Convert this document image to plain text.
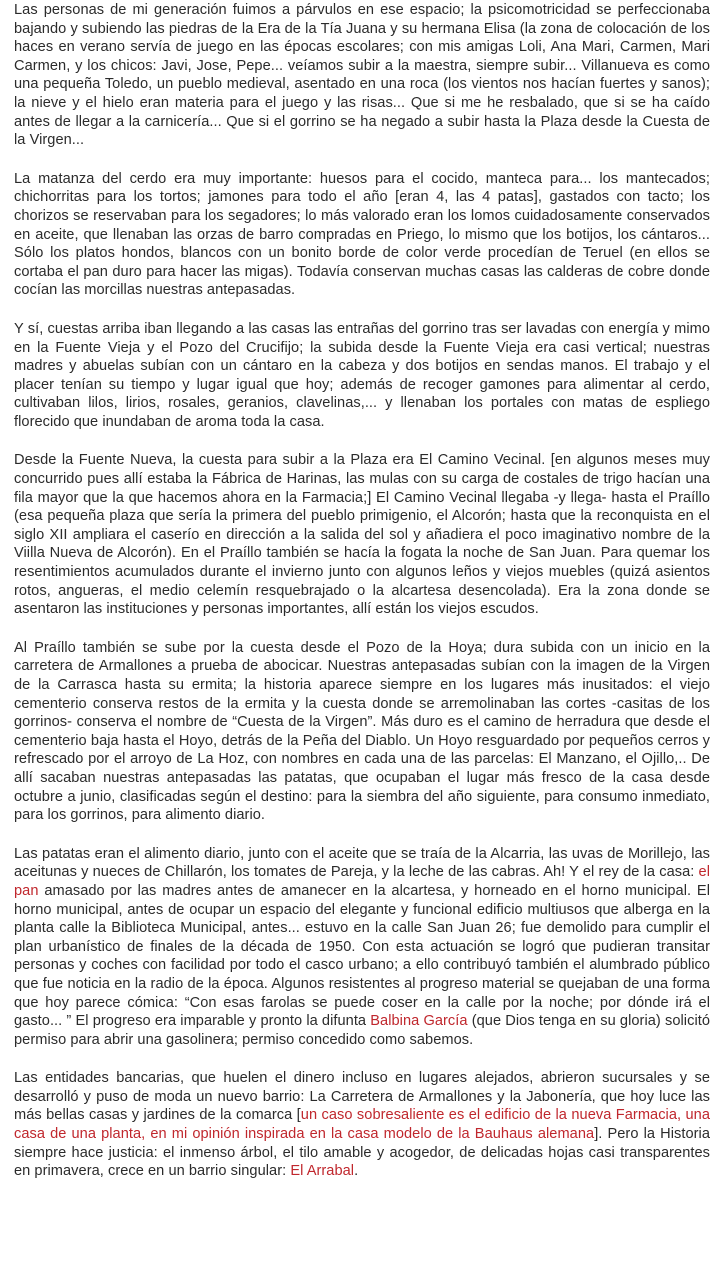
Las personas de mi generación fuimos a párvulos en ese espacio; la psicomotricidad se perfeccionaba bajando y subiendo las piedras de la Era de la Tía Juana y su hermana Elisa (la zona de colocación de los haces en verano servía de juego en las épocas escolares; con mis amigas Loli, Ana Mari, Carmen, Mari Carmen, y los chicos: Javi, Jose, Pepe... veíamos subir a la maestra, siempre subir... Villanueva es como una pequeña Toledo, un pueblo medieval, asentado en una roca (los vientos nos hacían fuertes y sanos); la nieve y el hielo eran materia para el juego y las risas... Que si me he resbalado, que si se ha caído antes de llegar a la carnicería... Que si el gorrino se ha negado a subir hasta la Plaza desde la Cuesta de la Virgen...

La matanza del cerdo era muy importante: huesos para el cocido, manteca para... los mantecados; chichorritas para los tortos; jamones para todo el año [eran 4, las 4 patas], gastados con tacto; los chorizos se reservaban para los segadores; lo más valorado eran los lomos cuidadosamente conservados en aceite, que llenaban las orzas de barro compradas en Priego, lo mismo que los botijos, los cántaros... Sólo los platos hondos, blancos con un bonito borde de color verde procedían de Teruel (en ellos se cortaba el pan duro para hacer las migas). Todavía conservan muchas casas las calderas de cobre donde cocían las morcillas nuestras antepasadas.

Y sí, cuestas arriba iban llegando a las casas las entrañas del gorrino tras ser lavadas con energía y mimo en la Fuente Vieja y el Pozo del Crucifijo; la subida desde la Fuente Vieja era casi vertical; nuestras madres y abuelas subían con un cántaro en la cabeza y dos botijos en sendas manos. El trabajo y el placer tenían su tiempo y lugar igual que hoy; además de recoger gamones para alimentar al cerdo, cultivaban lilos, lirios, rosales, geranios, clavelinas,... y llenaban los portales con matas de espliego florecido que inundaban de aroma toda la casa.

Desde la Fuente Nueva, la cuesta para subir a la Plaza era El Camino Vecinal. [en algunos meses muy concurrido pues allí estaba la Fábrica de Harinas, las mulas con su carga de costales de trigo hacían una fila mayor que la que hacemos ahora en la Farmacia;] El Camino Vecinal llegaba -y llega- hasta el Praíllo (esa pequeña plaza que sería la primera del pueblo primigenio, el Alcorón; hasta que la reconquista en el siglo XII ampliara el caserío en dirección a la salida del sol y añadiera el poco imaginativo nombre de la Viilla Nueva de Alcorón). En el Praíllo también se hacía la fogata la noche de San Juan. Para quemar los resentimientos acumulados durante el invierno junto con algunos leños y viejos muebles (quizá asientos rotos, angueras, el medio celemín resquebrajado o la alcartesa desencolada). Era la zona donde se asentaron las instituciones y personas importantes, allí están los viejos escudos.

Al Praíllo también se sube por la cuesta desde el Pozo de la Hoya; dura subida con un inicio en la carretera de Armallones a prueba de abocicar. Nuestras antepasadas subían con la imagen de la Virgen de la Carrasca hasta su ermita; la historia aparece siempre en los lugares más inusitados: el viejo cementerio conserva restos de la ermita y la cuesta donde se arremolinaban las cortes -casitas de los gorrinos- conserva el nombre de “Cuesta de la Virgen”. Más duro es el camino de herradura que desde el cementerio baja hasta el Hoyo, detrás de la Peña del Diablo. Un Hoyo resguardado por pequeños cerros y refrescado por el arroyo de La Hoz, con nombres en cada una de las parcelas: El Manzano, el Ojillo,.. De allí sacaban nuestras antepasadas las patatas, que ocupaban el lugar más fresco de la casa desde octubre a junio, clasificadas según el destino: para la siembra del año siguiente, para consumo inmediato, para los gorrinos, para alimento diario.

Las patatas eran el alimento diario, junto con el aceite que se traía de la Alcarria, las uvas de Morillejo, las aceitunas y nueces de Chillarón, los tomates de Pareja, y la leche de las cabras. Ah! Y el rey de la casa: el pan amasado por las madres antes de amanecer en la alcartesa, y horneado en el horno municipal. El horno municipal, antes de ocupar un espacio del elegante y funcional edificio multiusos que alberga en la planta calle la Biblioteca Municipal, antes... estuvo en la calle San Juan 26; fue demolido para cumplir el plan urbanístico de finales de la década de 1950. Con esta actuación se logró que pudieran transitar personas y coches con facilidad por todo el casco urbano; a ello contribuyó también el alumbrado público que fue noticia en la radio de la época. Algunos resistentes al progreso material se quejaban de una forma que hoy parece cómica: “Con esas farolas se puede coser en la calle por la noche; por dónde irá el gasto... ” El progreso era imparable y pronto la difunta Balbina García (que Dios tenga en su gloria) solicitó permiso para abrir una gasolinera; permiso concedido como sabemos.

Las entidades bancarias, que huelen el dinero incluso en lugares alejados, abrieron sucursales y se desarrolló y puso de moda un nuevo barrio: La Carretera de Armallones y la Jabonería, que hoy luce las más bellas casas y jardines de la comarca [un caso sobresaliente es el edificio de la nueva Farmacia, una casa de una planta, en mi opinión inspirada en la casa modelo de la Bauhaus alemana]. Pero la Historia siempre hace justicia: el inmenso árbol, el tilo amable y acogedor, de delicadas hojas casi transparentes en primavera, crece en un barrio singular: El Arrabal.
